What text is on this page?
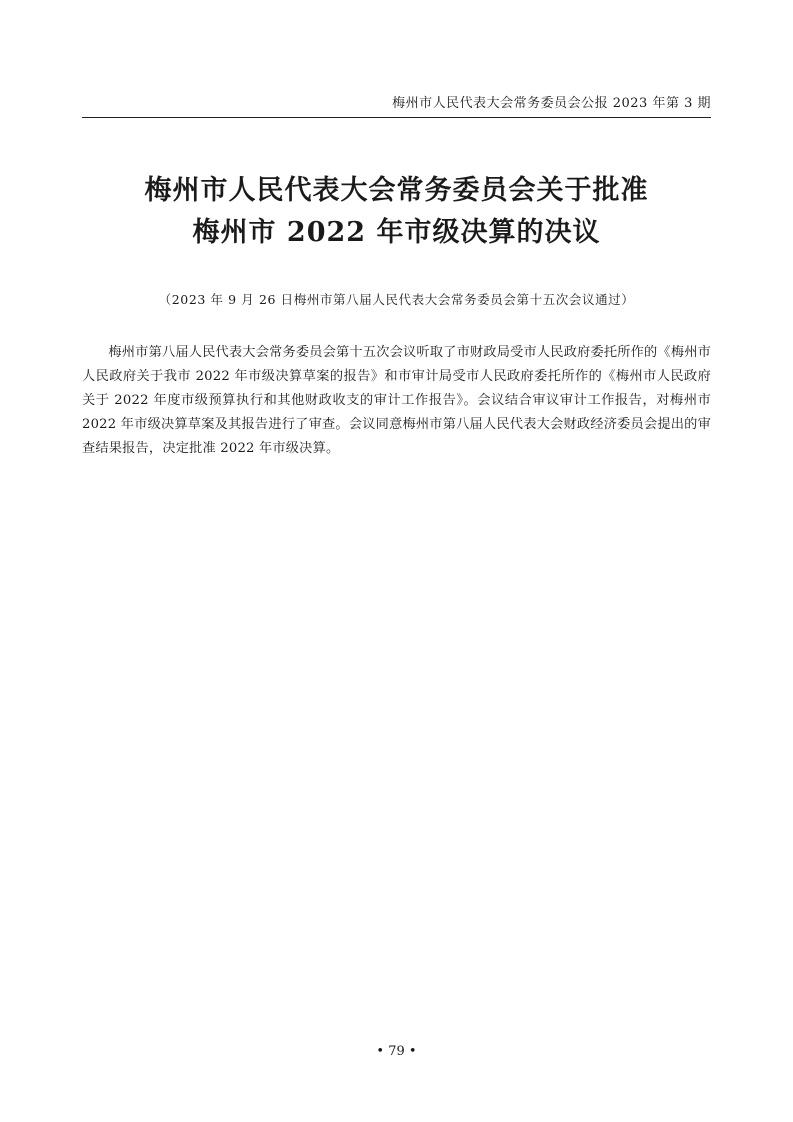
梅州市人民代表大会常务委员会公报 2023 年第 3 期
梅州市人民代表大会常务委员会关于批准
梅州市 2022 年市级决算的决议
（2023 年 9 月 26 日梅州市第八届人民代表大会常务委员会第十五次会议通过）
梅州市第八届人民代表大会常务委员会第十五次会议听取了市财政局受市人民政府委托所作的《梅州市人民政府关于我市 2022 年市级决算草案的报告》和市审计局受市人民政府委托所作的《梅州市人民政府关于 2022 年度市级预算执行和其他财政收支的审计工作报告》。会议结合审议审计工作报告，对梅州市 2022 年市级决算草案及其报告进行了审查。会议同意梅州市第八届人民代表大会财政经济委员会提出的审查结果报告，决定批准 2022 年市级决算。
• 79 •
